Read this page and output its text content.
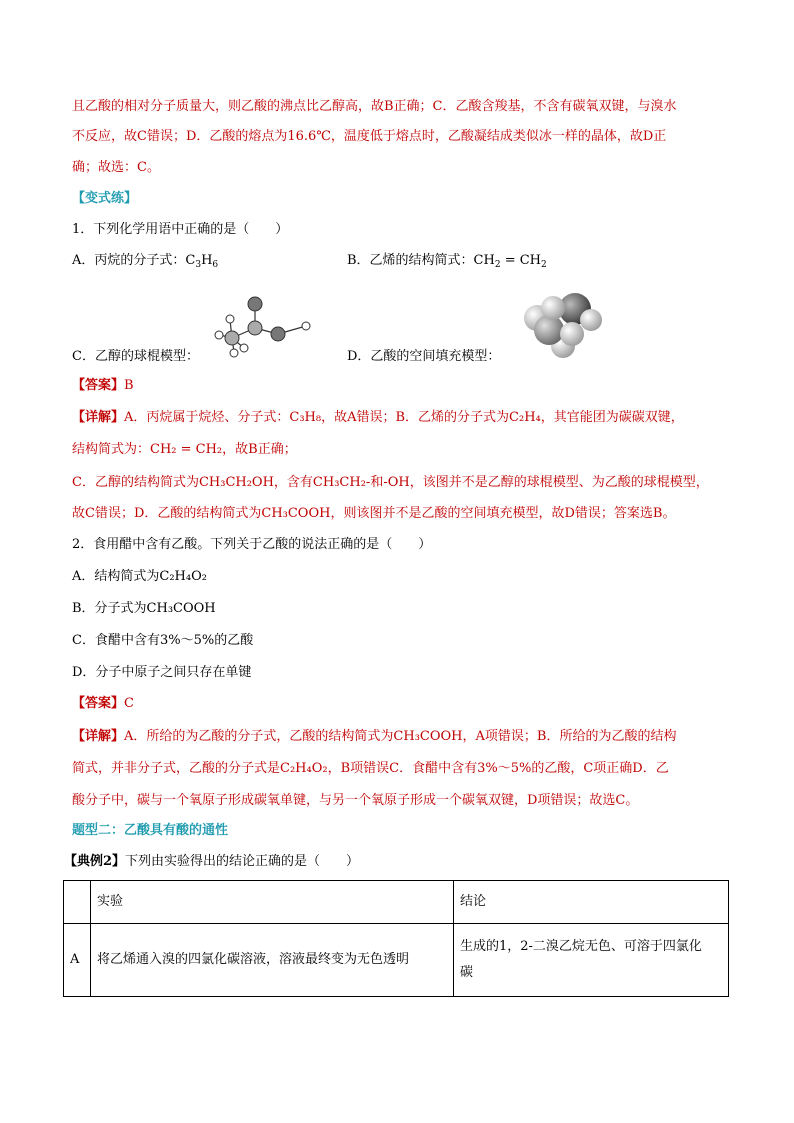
且乙酸的相对分子质量大，则乙酸的沸点比乙醇高，故B正确；C．乙酸含羧基，不含有碳氧双键，与溴水
不反应，故C错误；D．乙酸的熔点为16.6℃，温度低于熔点时，乙酸凝结成类似冰一样的晶体，故D正
确；故选：C。
【变式练】
1．下列化学用语中正确的是（　　）
A．丙烷的分子式：$C_3H_6$	B．乙烯的结构简式：$CH_2 = CH_2$
C．乙醇的球棍模型：	D．乙酸的空间填充模型：
【答案】B
【详解】A．丙烷属于烷烃、分子式：C₃H₈，故A错误；B．乙烯的分子式为C₂H₄，其官能团为碳碳双键，
结构简式为：CH₂ = CH₂，故B正确；
C．乙醇的结构简式为CH₃CH₂OH，含有CH₃CH₂-和-OH，该图并不是乙醇的球棍模型、为乙酸的球棍模型，
故C错误；D．乙酸的结构简式为CH₃COOH，则该图并不是乙酸的空间填充模型，故D错误；答案选B。
2．食用醋中含有乙酸。下列关于乙酸的说法正确的是（　　）
A．结构简式为C₂H₄O₂
B．分子式为CH₃COOH
C．食醋中含有3%～5%的乙酸
D．分子中原子之间只存在单键
【答案】C
【详解】A．所给的为乙酸的分子式，乙酸的结构简式为CH₃COOH，A项错误；B．所给的为乙酸的结构
简式，并非分子式，乙酸的分子式是C₂H₄O₂，B项错误C．食醋中含有3%～5%的乙酸，C项正确D．乙
酸分子中，碳与一个氧原子形成碳氧单键，与另一个氧原子形成一个碳氧双键，D项错误；故选C。
题型二：乙酸具有酸的通性
【典例2】下列由实验得出的结论正确的是（　　）
	实验	结论
A	将乙烯通入溴的四氯化碳溶液，溶液最终变为无色透明	生成的1，2-二溴乙烷无色、可溶于四氯化
碳
